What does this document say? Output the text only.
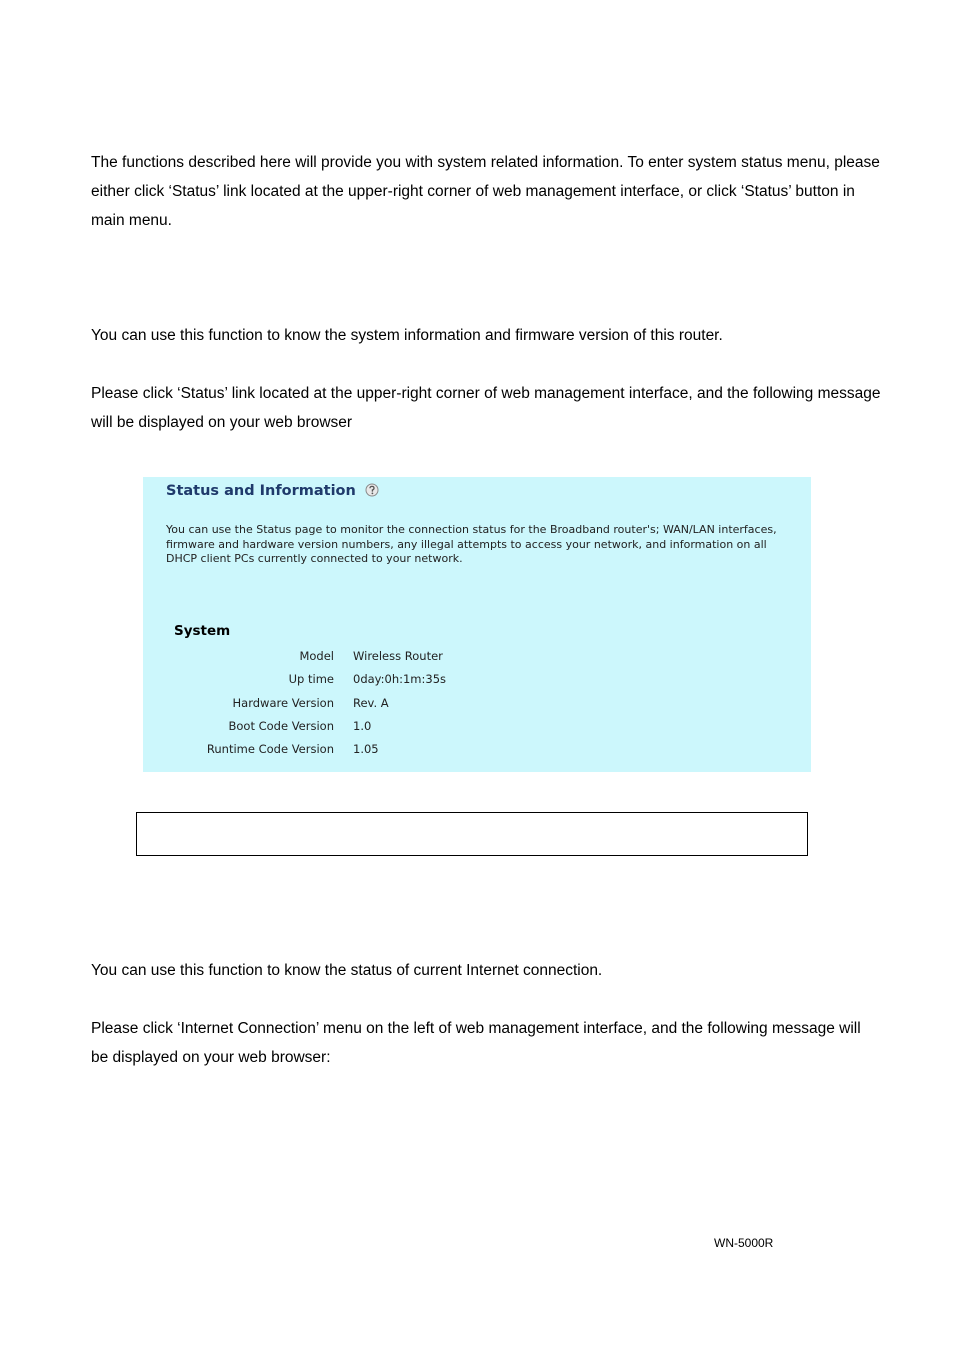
The functions described here will provide you with system related information. To enter system status menu, please either click ‘Status’ link located at the upper-right corner of web management interface, or click ‘Status’ button in main menu.

You can use this function to know the system information and firmware version of this router.

Please click ‘Status’ link located at the upper-right corner of web management interface, and the following message will be displayed on your web browser

Status and Information
You can use the Status page to monitor the connection status for the Broadband router's; WAN/LAN interfaces, firmware and hardware version numbers, any illegal attempts to access your network, and information on all DHCP client PCs currently connected to your network.
System
Model Wireless Router
Up time 0day:0h:1m:35s
Hardware Version Rev. A
Boot Code Version 1.0
Runtime Code Version 1.05

You can use this function to know the status of current Internet connection.

Please click ‘Internet Connection’ menu on the left of web management interface, and the following message will be displayed on your web browser:

WN-5000R
